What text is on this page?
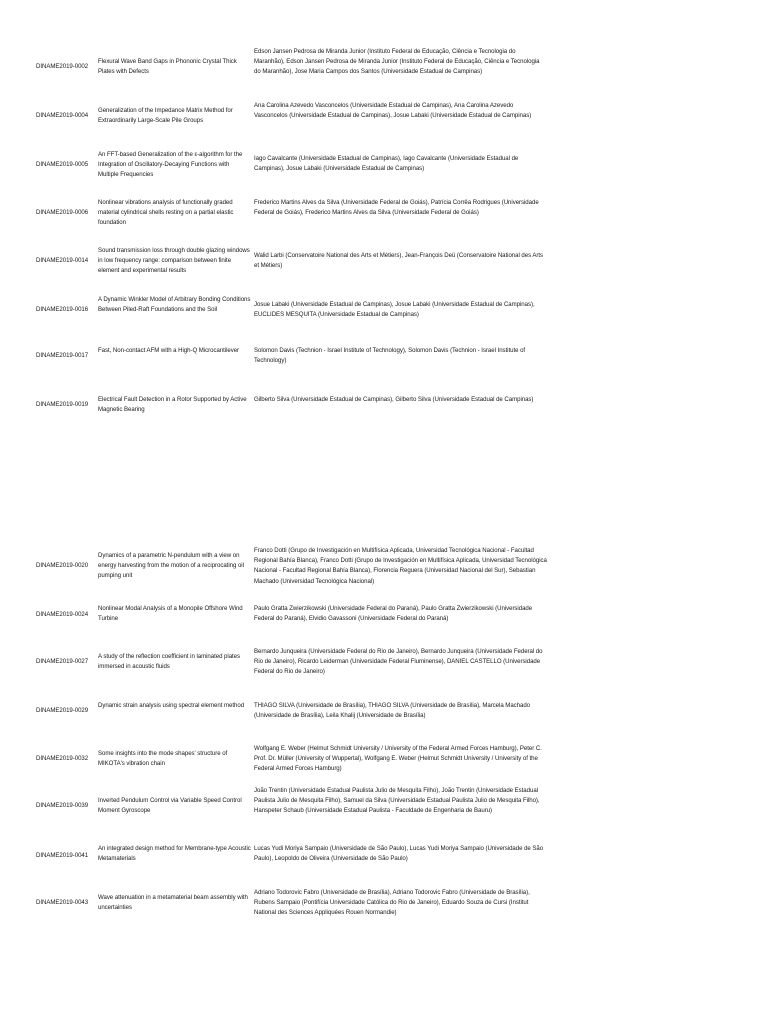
DINAME2019-0002
Flexural Wave Band Gaps in Phononic Crystal Thick Plates with Defects
Edson Jansen Pedrosa de Miranda Junior (Instituto Federal de Educação, Ciência e Tecnologia do Maranhão), Edson Jansen Pedrosa de Miranda Junior (Instituto Federal de Educação, Ciência e Tecnologia do Maranhão), Jose Maria Campos dos Santos (Universidade Estadual de Campinas)
DINAME2019-0004
Generalization of the Impedance Matrix Method for Extraordinarily Large-Scale Pile Groups
Ana Carolina Azevedo Vasconcelos (Universidade Estadual de Campinas), Ana Carolina Azevedo Vasconcelos (Universidade Estadual de Campinas), Josue Labaki (Universidade Estadual de Campinas)
DINAME2019-0005
An FFT-based Generalization of the ε-algorithm for the Integration of Oscillatory-Decaying Functions with Multiple Frequencies
Iago Cavalcante (Universidade Estadual de Campinas), Iago Cavalcante (Universidade Estadual de Campinas), Josue Labaki (Universidade Estadual de Campinas)
DINAME2019-0006
Nonlinear vibrations analysis of functionally graded material cylindrical shells resting on a partial elastic foundation
Frederico Martins Alves da Silva (Universidade Federal de Goiás), Patrícia Corrêa Rodrigues (Universidade Federal de Goiás), Frederico Martins Alves da Silva (Universidade Federal de Goiás)
DINAME2019-0014
Sound transmission loss through double glazing windows in low frequency range: comparison between finite element and experimental results
Walid Larbi (Conservatoire National des Arts et Métiers), Jean-François Deü (Conservatoire National des Arts et Métiers)
DINAME2019-0016
A Dynamic Winkler Model of Arbitrary Bonding Conditions Between Piled-Raft Foundations and the Soil
Josue Labaki (Universidade Estadual de Campinas), Josue Labaki (Universidade Estadual de Campinas), EUCLIDES MESQUITA (Universidade Estadual de Campinas)
DINAME2019-0017
Fast, Non-contact AFM with a High-Q Microcantilever	Solomon Davis (Technion - Israel Institute of Technology), Solomon Davis (Technion - Israel Institute of Technology)
DINAME2019-0019
Electrical Fault Detection in a Rotor Supported by Active Magnetic Bearing
Gilberto Silva (Universidade Estadual de Campinas), Gilberto Silva (Universidade Estadual de Campinas)
DINAME2019-0020
Dynamics of a parametric N-pendulum with a view on energy harvesting from the motion of a reciprocating oil pumping unit
Franco Dotti (Grupo de Investigación en Multifísica Aplicada, Universidad Tecnológica Nacional - Facultad Regional Bahía Blanca), Franco Dotti (Grupo de Investigación en Multifísica Aplicada, Universidad Tecnológica Nacional - Facultad Regional Bahía Blanca), Florencia Reguera (Universidad Nacional del Sur), Sebastian Machado (Universidad Tecnológica Nacional)
DINAME2019-0024
Nonlinear Modal Analysis of a Monopile Offshore Wind Turbine
Paulo Gratta Zwierzikowski (Universidade Federal do Paraná), Paulo Gratta Zwierzikowski (Universidade Federal do Paraná), Elvidio Gavassoni (Universidade Federal do Paraná)
DINAME2019-0027
A study of the reflection coefficient in laminated plates immersed in acoustic fluids
Bernardo Junqueira (Universidade Federal do Rio de Janeiro), Bernardo Junqueira (Universidade Federal do Rio de Janeiro), Ricardo Leiderman (Universidade Federal Fluminense), DANIEL CASTELLO (Universidade Federal do Rio de Janeiro)
DINAME2019-0029
Dynamic strain analysis using spectral element method	THIAGO SILVA (Universidade de Brasília), THIAGO SILVA (Universidade de Brasília), Marcela Machado (Universidade de Brasília), Leila Khalij (Universidade de Brasília)
DINAME2019-0032
Some insights into the mode shapes' structure of MIKOTA's vibration chain
Wolfgang E. Weber (Helmut Schmidt University / University of the Federal Armed Forces Hamburg), Peter C. Prof. Dr. Müller (University of Wuppertal), Wolfgang E. Weber (Helmut Schmidt University / University of the Federal Armed Forces Hamburg)
DINAME2019-0039
Inverted Pendulum Control via Variable Speed Control Moment Gyroscope
João Trentin (Universidade Estadual Paulista Julio de Mesquita Filho), João Trentin (Universidade Estadual Paulista Julio de Mesquita Filho), Samuel da Silva (Universidade Estadual Paulista Julio de Mesquita Filho), Hanspeter Schaub (Universidade Estadual Paulista - Faculdade de Engenharia de Bauru)
DINAME2019-0041
An integrated design method for Membrane-type Acoustic Metamaterials
Lucas Yudi Moriya Sampaio (Universidade de São Paulo), Lucas Yudi Moriya Sampaio (Universidade de São Paulo), Leopoldo de Oliveira (Universidade de São Paulo)
DINAME2019-0043
Wave attenuation in a metamaterial beam assembly with uncertainties
Adriano Todorovic Fabro (Universidade de Brasília), Adriano Todorovic Fabro (Universidade de Brasília), Rubens Sampaio (Pontifícia Universidade Católica do Rio de Janeiro), Eduardo Souza de Cursi (Institut National des Sciences Appliquées Rouen Normandie)
